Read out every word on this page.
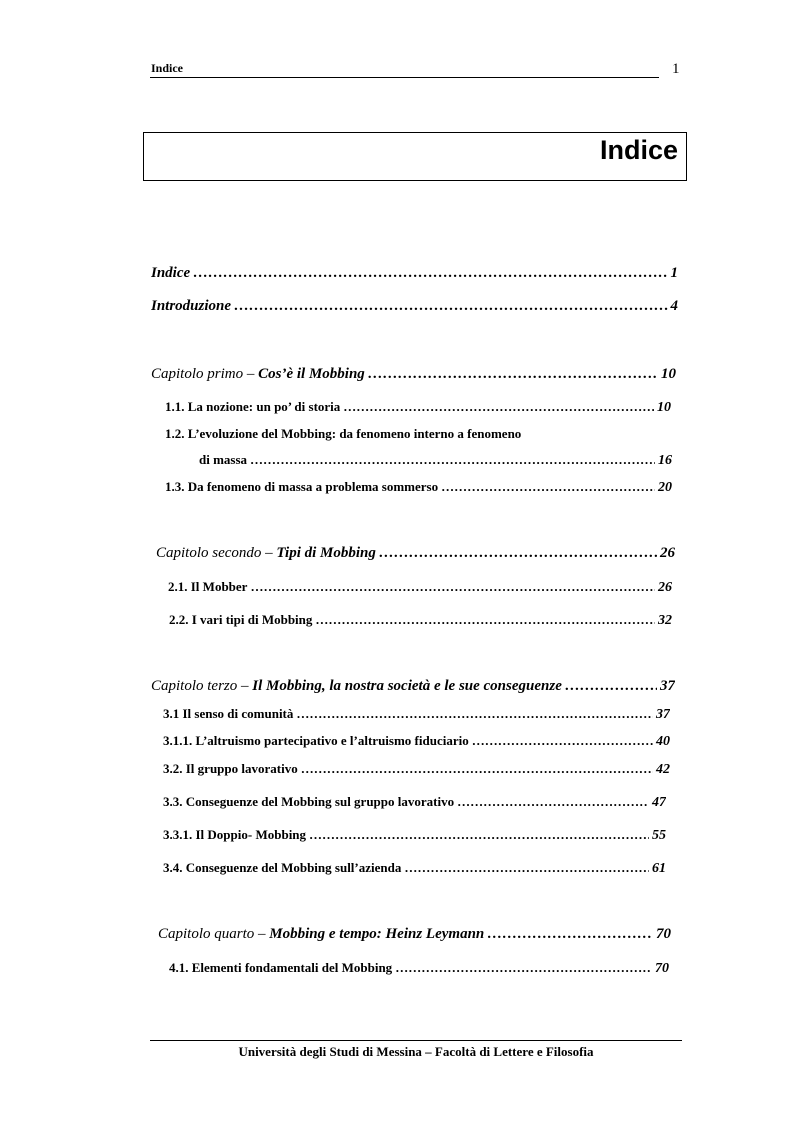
Indice	1
Indice
Indice ……………………………………………………………………………………………………………………………………………………………………………………………	1
Introduzione ……………………………………………………………………………………………………………………………………………………………………………………………	4
Capitolo primo – Cos’è il Mobbing ……………………………………………………………………………………………………………………………………………………………………………………………	10
1.1. La nozione: un po’ di storia ……………………………………………………………………………………………………………………………………………………………………………………………	10
1.2. L’evoluzione del Mobbing: da fenomeno interno a fenomeno
di massa ……………………………………………………………………………………………………………………………………………………………………………………………	16
1.3. Da fenomeno di massa a problema sommerso ……………………………………………………………………………………………………………………………………………………………………………………………	20
Capitolo secondo – Tipi di Mobbing ……………………………………………………………………………………………………………………………………………………………………………………………	26
2.1. Il Mobber ……………………………………………………………………………………………………………………………………………………………………………………………	26
2.2. I vari tipi di Mobbing ……………………………………………………………………………………………………………………………………………………………………………………………	32
Capitolo terzo – Il Mobbing, la nostra società e le sue conseguenze ……………………………………………………………………………………………………………………………………………………………………………………………	37
3.1 Il senso di comunità ……………………………………………………………………………………………………………………………………………………………………………………………	37
3.1.1. L’altruismo partecipativo e l’altruismo fiduciario ……………………………………………………………………………………………………………………………………………………………………………………………	40
3.2. Il gruppo lavorativo ……………………………………………………………………………………………………………………………………………………………………………………………	42
3.3. Conseguenze del Mobbing sul gruppo lavorativo ……………………………………………………………………………………………………………………………………………………………………………………………	47
3.3.1. Il Doppio- Mobbing ……………………………………………………………………………………………………………………………………………………………………………………………	55
3.4. Conseguenze del Mobbing sull’azienda ……………………………………………………………………………………………………………………………………………………………………………………………	61
Capitolo quarto – Mobbing e tempo: Heinz Leymann ……………………………………………………………………………………………………………………………………………………………………………………………	70
4.1. Elementi fondamentali del Mobbing ……………………………………………………………………………………………………………………………………………………………………………………………	70
Università degli Studi di Messina – Facoltà di Lettere e Filosofia
